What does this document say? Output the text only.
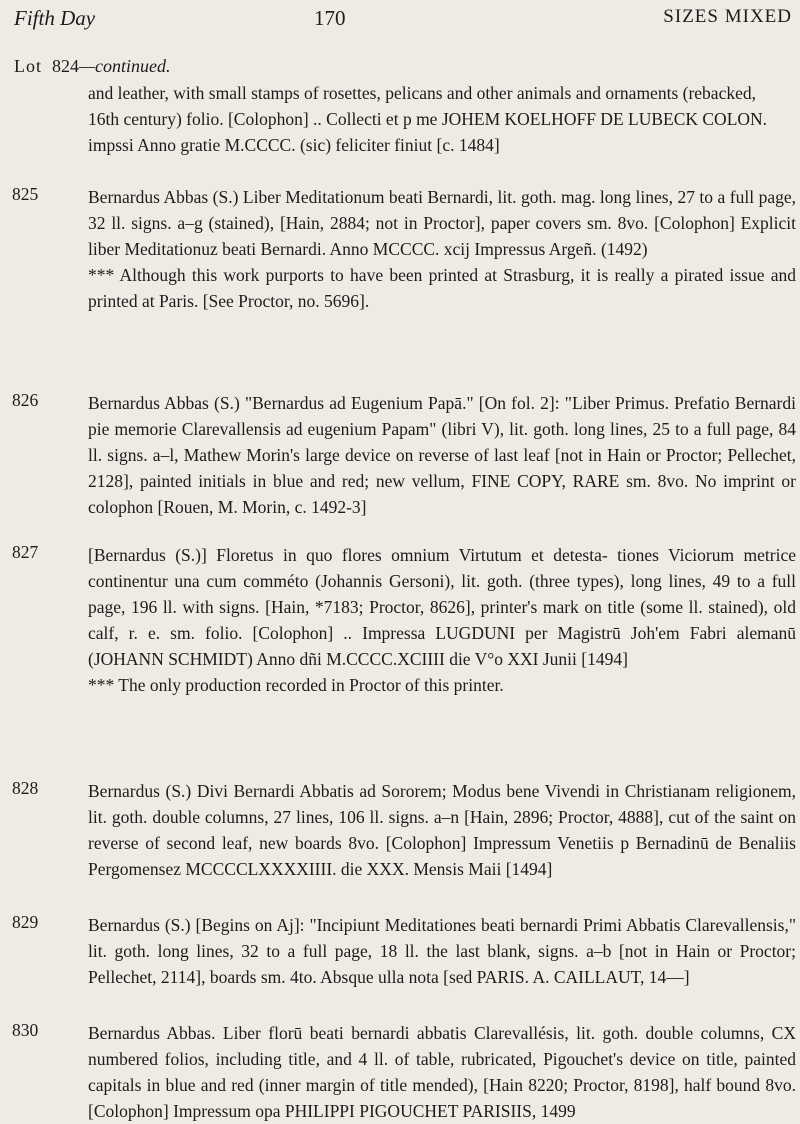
Fifth Day	170	SIZES MIXED
Lot 824—continued.

and leather, with small stamps of rosettes, pelicans and other animals and ornaments (rebacked, 16th century) folio. [Colophon] .. Collecti et p me JOHEM KOELHOFF DE LUBECK COLON. impssi Anno gratie M.CCCC. (sic) feliciter finiut [c. 1484]

825	Bernardus Abbas (S.) Liber Meditationum beati Bernardi, lit. goth. mag. long lines, 27 to a full page, 32 ll. signs. a–g (stained), [Hain, 2884; not in Proctor], paper covers sm. 8vo. [Colophon] Explicit liber Meditationuz beati Bernardi. Anno MCCCC. xcij Impressus Argeñ. (1492)

*** Although this work purports to have been printed at Strasburg, it is really a pirated issue and printed at Paris. [See Proctor, no. 5696].

826	Bernardus Abbas (S.) "Bernardus ad Eugenium Papā." [On fol. 2]: "Liber Primus. Prefatio Bernardi pie memorie Clarevallensis ad eugenium Papam" (libri V), lit. goth. long lines, 25 to a full page, 84 ll. signs. a–l, Mathew Morin's large device on reverse of last leaf [not in Hain or Proctor; Pellechet, 2128], painted initials in blue and red; new vellum, FINE COPY, RARE sm. 8vo. No imprint or colophon [Rouen, M. Morin, c. 1492-3]

827	[Bernardus (S.)] Floretus in quo flores omnium Virtutum et detesta- tiones Viciorum metrice continentur una cum comméto (Johannis Gersoni), lit. goth. (three types), long lines, 49 to a full page, 196 ll. with signs. [Hain, *7183; Proctor, 8626], printer's mark on title (some ll. stained), old calf, r. e. sm. folio. [Colophon] .. Impressa LUGDUNI per Magistrū Joh'em Fabri alemanū (JOHANN SCHMIDT) Anno dñi M.CCCC.XCIIII die V°o XXI Junii [1494]

*** The only production recorded in Proctor of this printer.

828	Bernardus (S.) Divi Bernardi Abbatis ad Sororem; Modus bene Vivendi in Christianam religionem, lit. goth. double columns, 27 lines, 106 ll. signs. a–n [Hain, 2896; Proctor, 4888], cut of the saint on reverse of second leaf, new boards 8vo. [Colophon] Impressum Venetiis p Bernadinū de Benaliis Pergomensez MCCCCLXXXXIIII. die XXX. Mensis Maii [1494]

829	Bernardus (S.) [Begins on Aj]: "Incipiunt Meditationes beati bernardi Primi Abbatis Clarevallensis," lit. goth. long lines, 32 to a full page, 18 ll. the last blank, signs. a–b [not in Hain or Proctor; Pellechet, 2114], boards sm. 4to. Absque ulla nota [sed PARIS. A. CAILLAUT, 14—]

830	Bernardus Abbas. Liber florū beati bernardi abbatis Clarevallésis, lit. goth. double columns, CX numbered folios, including title, and 4 ll. of table, rubricated, Pigouchet's device on title, painted capitals in blue and red (inner margin of title mended), [Hain 8220; Proctor, 8198], half bound 8vo. [Colophon] Impressum opa PHILIPPI PIGOUCHET PARISIIS, 1499
